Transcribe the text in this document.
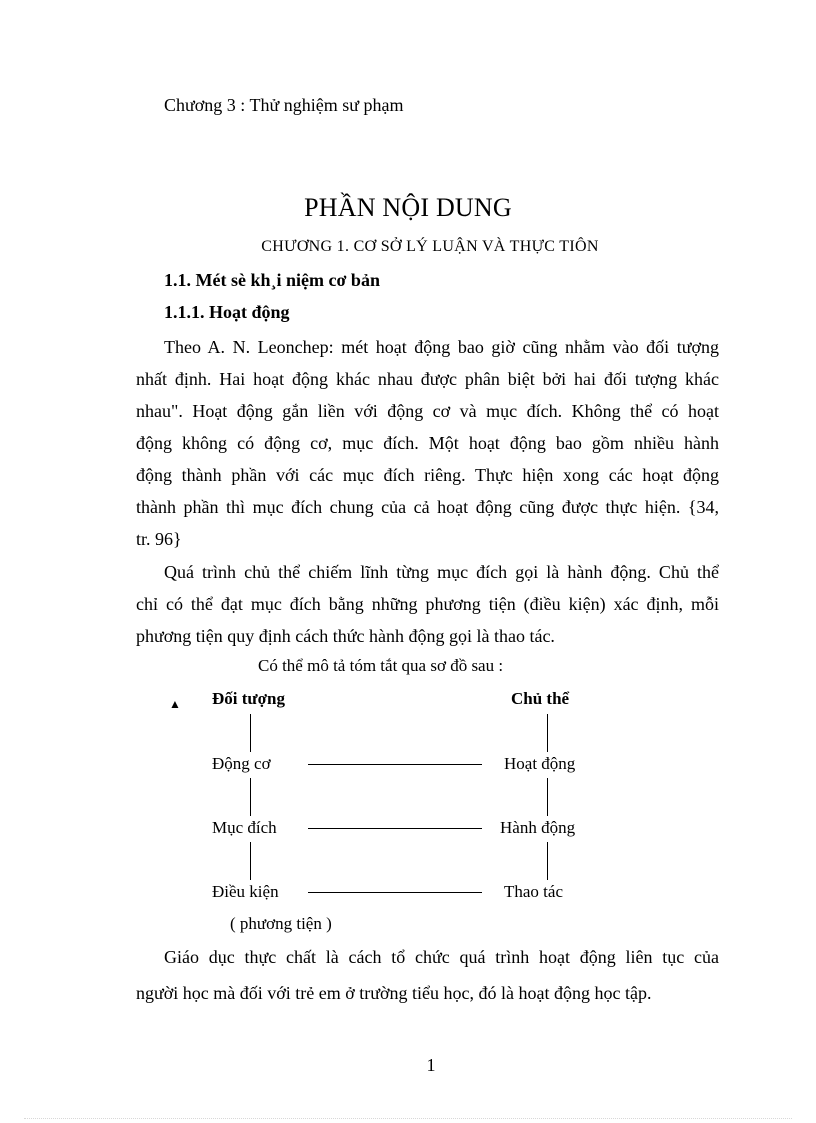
Chương 3 : Thử nghiệm sư phạm
PHẦN NỘI DUNG
CHƯƠNG 1. CƠ SỞ LÝ LUẬN VÀ THỰC TIÔN
1.1. Mét sè kh¸i niệm cơ bản
1.1.1. Hoạt động
Theo A. N. Leonchep: mét hoạt động bao giờ cũng nhằm vào đối tượng
nhất định. Hai hoạt động khác nhau được phân biệt bởi hai đối tượng khác
nhau". Hoạt động gắn liền với động cơ và mục đích. Không thể có hoạt
động không có động cơ, mục đích. Một hoạt động bao gồm nhiều hành
động thành phần với các mục đích riêng. Thực hiện xong các hoạt động
thành phần thì mục đích chung của cả hoạt động cũng được thực hiện. {34,
tr. 96}
Quá trình chủ thể chiếm lĩnh từng mục đích gọi là hành động. Chủ thể
chỉ có thể đạt mục đích bằng những phương tiện (điều kiện) xác định, mỗi
phương tiện quy định cách thức hành động gọi là thao tác.
Có thể mô tả tóm tắt qua sơ đồ sau :
▲ Đối tượng	Chủ thể
Động cơ	Hoạt động
Mục đích	Hành động
Điều kiện	Thao tác
( phương tiện )
Giáo dục thực chất là cách tổ chức quá trình hoạt động liên tục của
người học mà đối với trẻ em ở trường tiểu học, đó là hoạt động học tập.
1
